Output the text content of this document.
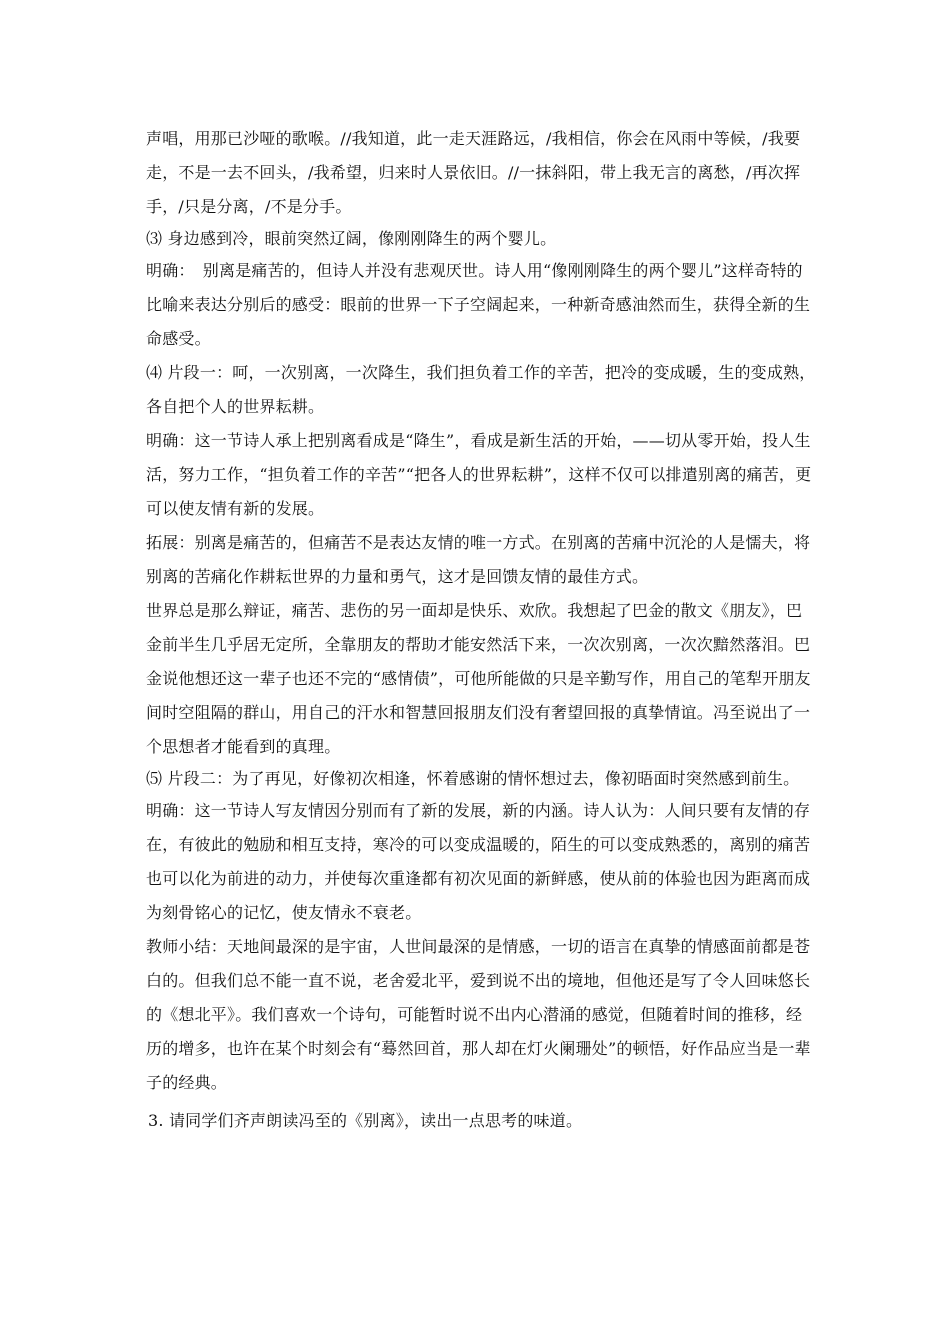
声唱，用那已沙哑的歌喉。//我知道，此一走天涯路远，/我相信，你会在风雨中等候，/我要走，不是一去不回头，/我希望，归来时人景依旧。//一抹斜阳，带上我无言的离愁，/再次挥手，/只是分离，/不是分手。

⑶ 身边感到冷，眼前突然辽阔，像刚刚降生的两个婴儿。

明确：　别离是痛苦的，但诗人并没有悲观厌世。诗人用“像刚刚降生的两个婴儿”这样奇特的比喻来表达分别后的感受：眼前的世界一下子空阔起来，一种新奇感油然而生，获得全新的生命感受。

⑷ 片段一：呵，一次别离，一次降生，我们担负着工作的辛苦，把冷的变成暖，生的变成熟，各自把个人的世界耘耕。

明确：这一节诗人承上把别离看成是“降生”，看成是新生活的开始，——切从零开始，投人生活，努力工作，“担负着工作的辛苦”“把各人的世界耘耕”，这样不仅可以排遣别离的痛苦，更可以使友情有新的发展。

拓展：别离是痛苦的，但痛苦不是表达友情的唯一方式。在别离的苦痛中沉沦的人是懦夫，将别离的苦痛化作耕耘世界的力量和勇气，这才是回馈友情的最佳方式。

世界总是那么辩证，痛苦、悲伤的另一面却是快乐、欢欣。我想起了巴金的散文《朋友》，巴金前半生几乎居无定所，全靠朋友的帮助才能安然活下来，一次次别离，一次次黯然落泪。巴金说他想还这一辈子也还不完的“感情债”，可他所能做的只是辛勤写作，用自己的笔犁开朋友间时空阻隔的群山，用自己的汗水和智慧回报朋友们没有奢望回报的真挚情谊。冯至说出了一个思想者才能看到的真理。

⑸ 片段二：为了再见，好像初次相逢，怀着感谢的情怀想过去，像初晤面时突然感到前生。

明确：这一节诗人写友情因分别而有了新的发展，新的内涵。诗人认为：人间只要有友情的存在，有彼此的勉励和相互支持，寒冷的可以变成温暖的，陌生的可以变成熟悉的，离别的痛苦也可以化为前进的动力，并使每次重逢都有初次见面的新鲜感，使从前的体验也因为距离而成为刻骨铭心的记忆，使友情永不衰老。

教师小结：天地间最深的是宇宙，人世间最深的是情感，一切的语言在真挚的情感面前都是苍白的。但我们总不能一直不说，老舍爱北平，爱到说不出的境地，但他还是写了令人回味悠长的《想北平》。我们喜欢一个诗句，可能暂时说不出内心潜涌的感觉，但随着时间的推移，经历的增多，也许在某个时刻会有“蓦然回首，那人却在灯火阑珊处”的顿悟，好作品应当是一辈子的经典。

3. 请同学们齐声朗读冯至的《别离》，读出一点思考的味道。
